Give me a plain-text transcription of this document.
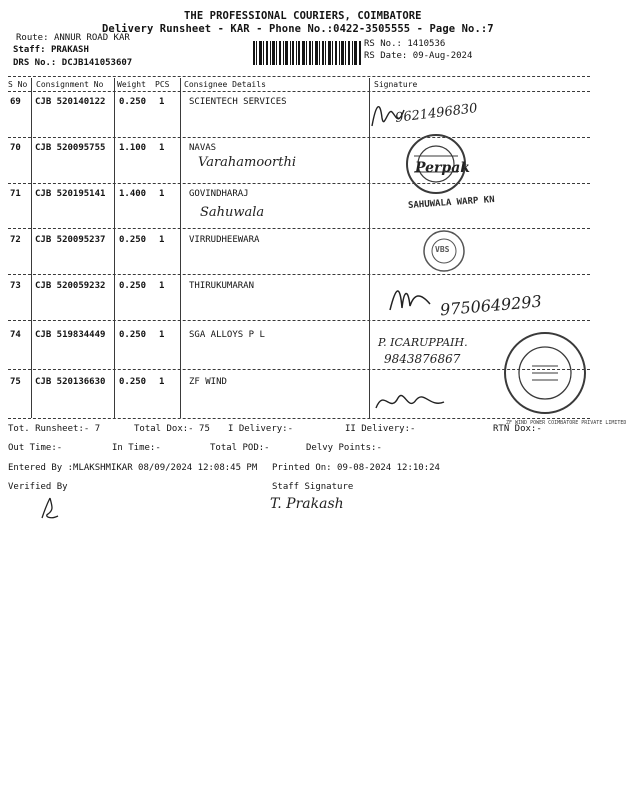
THE PROFESSIONAL COURIERS, COIMBATORE
Delivery Runsheet - KAR - Phone No.:0422-3505555 - Page No.:7
Route: ANNUR ROAD KAR
Staff: PRAKASH
DRS No.: DCJB141053607
RS No.: 1410536
RS Date: 09-Aug-2024
S No Consignment No Weight PCS Consignee Details	Signature
69 CJB 520140122 0.250 1	SCIENTECH SERVICES	9621496830
70 CJB 520095755 1.100 1	NAVAS
Varahamoorthi	Perpak
71 CJB 520195141 1.400 1	GOVINDHARAJ
Sahuwala
SAHUWALA WARP KN
72 CJB 520095237 0.250 1	VIRRUDHEEWARA
VBS
73 CJB 520059232 0.250 1	THIRUKUMARAN
9750649293
74 CJB 519834449 0.250 1	SGA ALLOYS P L
P. ICARUPPAIH.
9843876867
ZF WIND POWER COIMBATORE PRIVATE LIMITED
75 CJB 520136630 0.250 1	ZF WIND
Tot. Runsheet:- 7	Total Dox:- 75 I Delivery:-	II Delivery:-	RTN Dox:-
Out Time:-	In Time:-	Total POD:-	Delvy Points:-
Entered By :MLAKSHMIKAR 08/09/2024 12:08:45 PM Printed On: 09-08-2024 12:10:24
Verified By	Staff Signature
T. Prakash
